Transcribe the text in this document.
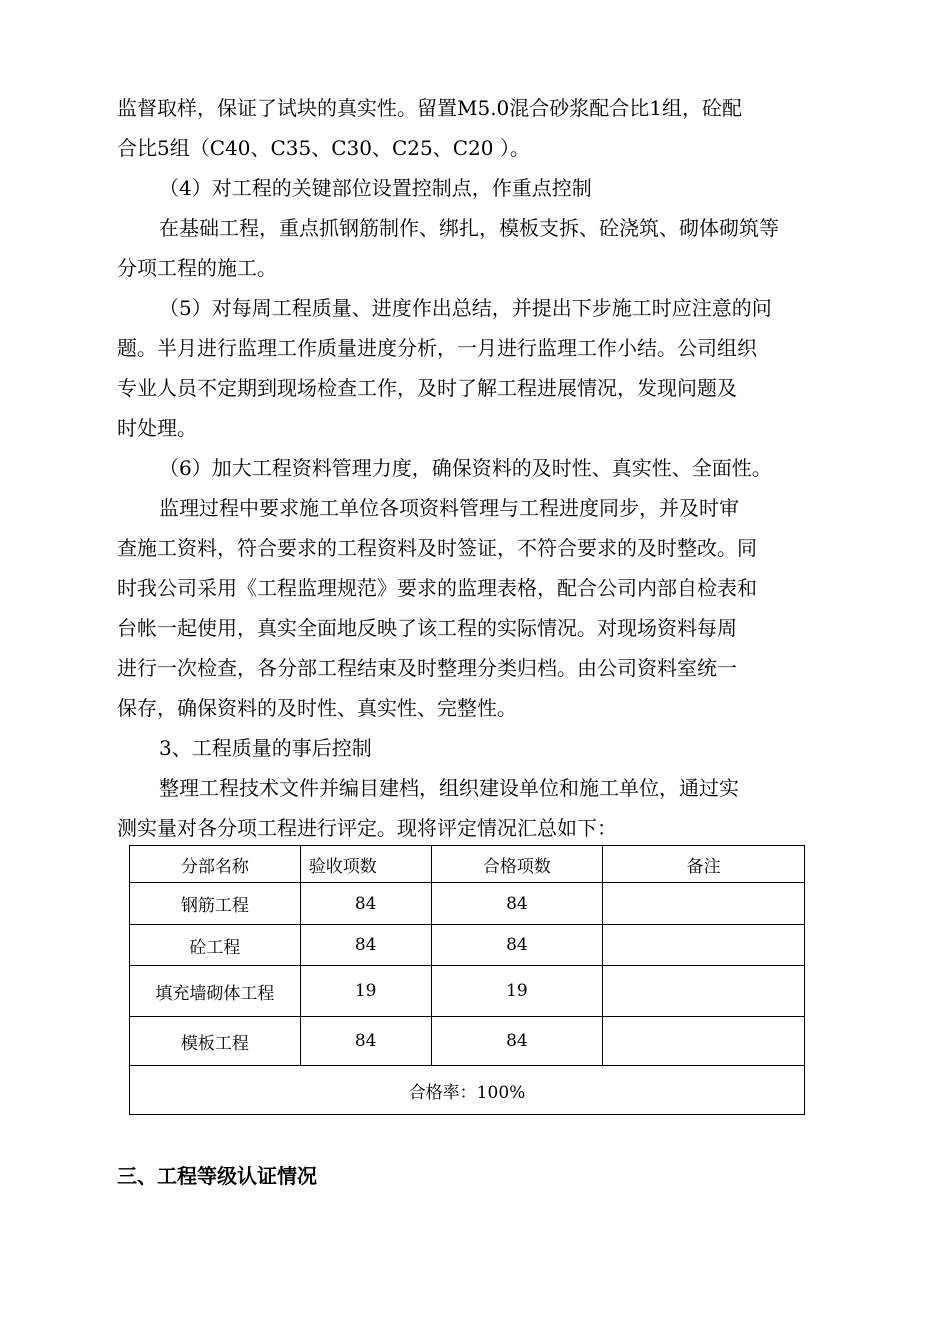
监督取样，保证了试块的真实性。留置M5.0混合砂浆配合比1组，砼配

合比5组（C40、C35、C30、C25、C20 ）。

（4）对工程的关键部位设置控制点，作重点控制

在基础工程，重点抓钢筋制作、绑扎，模板支拆、砼浇筑、砌体砌筑等

分项工程的施工。

（5）对每周工程质量、进度作出总结，并提出下步施工时应注意的问

题。半月进行监理工作质量进度分析，一月进行监理工作小结。公司组织

专业人员不定期到现场检查工作，及时了解工程进展情况，发现问题及

时处理。

（6）加大工程资料管理力度，确保资料的及时性、真实性、全面性。

监理过程中要求施工单位各项资料管理与工程进度同步，并及时审

查施工资料，符合要求的工程资料及时签证，不符合要求的及时整改。同

时我公司采用《工程监理规范》要求的监理表格，配合公司内部自检表和

台帐一起使用，真实全面地反映了该工程的实际情况。对现场资料每周

进行一次检查，各分部工程结束及时整理分类归档。由公司资料室统一

保存，确保资料的及时性、真实性、完整性。

3、工程质量的事后控制

整理工程技术文件并编目建档，组织建设单位和施工单位，通过实

测实量对各分项工程进行评定。现将评定情况汇总如下：

分部名称	验收项数	合格项数	备注
钢筋工程	84	84	
砼工程	84	84	
填充墙砌体工程	19	19	
模板工程	84	84	
合格率：100%			
三、工程等级认证情况
